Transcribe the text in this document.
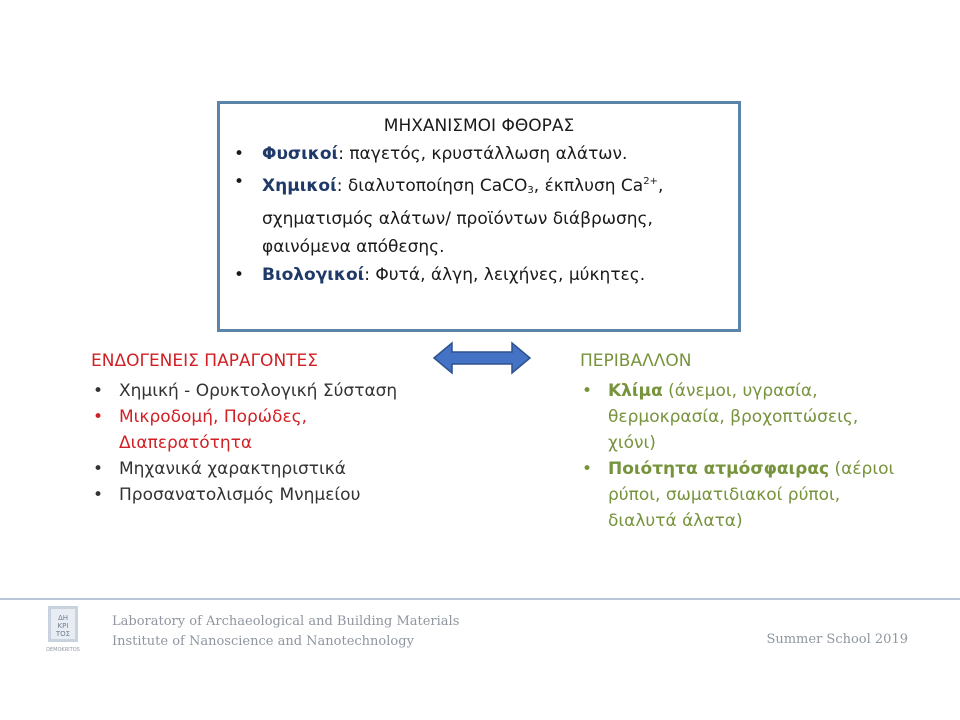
ΜΗΧΑΝΙΣΜΟΙ ΦΘΟΡΑΣ
• Φυσικοί: παγετός, κρυστάλλωση αλάτων.
• Χημικοί: διαλυτοποίηση CaCO$_3$, έκπλυση $Ca^{2+}$, σχηματισμός αλάτων/ προϊόντων διάβρωσης, φαινόμενα απόθεσης.
• Βιολογικοί: Φυτά, άλγη, λειχήνες, μύκητες.
ΕΝΔΟΓΕΝΕΙΣ ΠΑΡΑΓΟΝΤΕΣ
• Χημική - Ορυκτολογική Σύσταση
• Μικροδομή, Πορώδες, Διαπερατότητα
• Μηχανικά χαρακτηριστικά
• Προσανατολισμός Μνημείου
ΠΕΡΙΒΑΛΛΟΝ
• Κλίμα (άνεμοι, υγρασία, θερμοκρασία, βροχοπτώσεις, χιόνι)
• Ποιότητα ατμόσφαιρας (αέριοι ρύποι, σωματιδιακοί ρύποι, διαλυτά άλατα)
ΔΗ
ΚΡΙ
ΤΟΣ
DEMOKRITOS
Laboratory of Archaeological and Building Materials
Institute of Nanoscience and Nanotechnology	Summer School 2019
